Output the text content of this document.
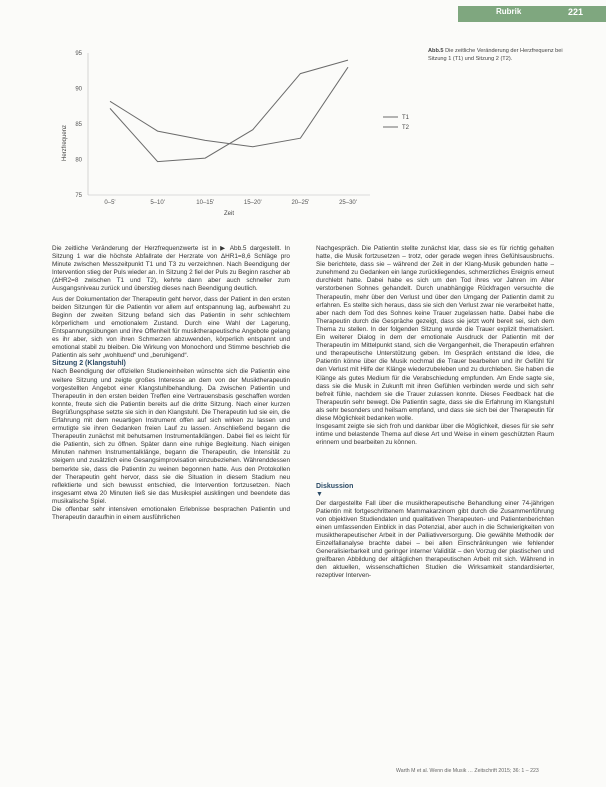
Rubrik	221
Herzfrequenz
75
80
85
90
95
0–5'	5–10'	10–15'	15–20'	20–25'	25–30'
Zeit
T1
T2
Abb.5 Die zeitliche Veränderung der Herzfrequenz bei Sitzung 1 (T1) und Sitzung 2 (T2).

Die zeitliche Veränderung der Herzfrequenzwerte ist in ▶ Abb.5 dargestellt. In Sitzung 1 war die höchste Abfallrate der Herzrate von ΔHR1=8,6 Schläge pro Minute zwischen Messzeitpunkt T1 und T3 zu verzeichnen. Nach Beendigung der Intervention stieg der Puls wieder an. In Sitzung 2 fiel der Puls zu Beginn rascher ab (ΔHR2=8 zwischen T1 und T2), kehrte dann aber auch schneller zum Ausgangsniveau zurück und überstieg dieses nach Beendigung deutlich.

Aus der Dokumentation der Therapeutin geht hervor, dass der Patient in den ersten beiden Sitzungen für die Patientin vor allem auf entspannung lag, aufbewahrt zu Beginn der zweiten Sitzung befand sich das Patientin in sehr schlechtem körperlichem und emotionalem Zustand. Durch eine Wahl der Lagerung, Entspannungsübungen und ihre Offenheit für musiktherapeutische Angebote gelang es ihr aber, sich von ihren Schmerzen abzuwenden, körperlich entspannt und emotional stabil zu bleiben. Die Wirkung von Monochord und Stimme beschrieb die Patientin als sehr „wohltuend“ und „beruhigend“.

Sitzung 2 (Klangstuhl)

Nach Beendigung der offiziellen Studieneinheiten wünschte sich die Patientin eine weitere Sitzung und zeigte großes Interesse an dem von der Musiktherapeutin vorgestellten Angebot einer Klangstuhlbehandlung. Da zwischen Patientin und Therapeutin in den ersten beiden Treffen eine Vertrauensbasis geschaffen worden konnte, freute sich die Patientin bereits auf die dritte Sitzung. Nach einer kurzen Begrüßungsphase setzte sie sich in den Klangstuhl. Die Therapeutin lud sie ein, die Erfahrung mit dem neuartigen Instrument offen auf sich wirken zu lassen und ermutigte sie ihren Gedanken freien Lauf zu lassen. Anschließend begann die Therapeutin zunächst mit behutsamen Instrumentalklängen. Dabei fiel es leicht für die Patientin, sich zu öffnen. Später dann eine ruhige Begleitung. Nach einigen Minuten nahmen Instrumentalklänge, begann die Therapeutin, die Intensität zu steigern und zusätzlich eine Gesangsimprovisation einzubeziehen. Währenddessen bemerkte sie, dass die Patientin zu weinen begonnen hatte. Aus den Protokollen der Therapeutin geht hervor, dass sie die Situation in diesem Stadium neu reflektierte und sich bewusst entschied, die Intervention fortzusetzen. Nach insgesamt etwa 20 Minuten ließ sie das Musikspiel ausklingen und beendete das musikalische Spiel.

Die offenbar sehr intensiven emotionalen Erlebnisse besprachen Patientin und Therapeutin daraufhin in einem ausführlichen

Nachgespräch. Die Patientin stellte zunächst klar, dass sie es für richtig gehalten hatte, die Musik fortzusetzen – trotz, oder gerade wegen ihres Gefühlsausbruchs. Sie berichtete, dass sie – während der Zeit in der Klang-Musik gebunden hatte – zunehmend zu Gedanken ein lange zurückliegendes, schmerzliches Ereignis erneut durchlebt hatte. Dabei habe es sich um den Tod ihres vor Jahren im Alter verstorbenen Sohnes gehandelt. Durch unabhängige Rückfragen versuchte die Therapeutin, mehr über den Verlust und über den Umgang der Patientin damit zu erfahren. Es stellte sich heraus, dass sie sich den Verlust zwar nie verarbeitet hatte, aber nach dem Tod des Sohnes keine Trauer zugelassen hatte. Dabei habe die Therapeutin durch die Gespräche gezeigt, dass sie jetzt wohl bereit sei, sich dem Thema zu stellen. In der folgenden Sitzung wurde die Trauer explizit thematisiert. Ein weiterer Dialog in dem der emotionale Ausdruck der Patientin mit der Therapeutin im Mittelpunkt stand, sich die Vergangenheit, die Therapeutin erfahren und therapeutische Unterstützung geben. Im Gespräch entstand die Idee, die Patientin könne über die Musik nochmal die Trauer bearbeiten und ihr Gefühl für den Verlust mit Hilfe der Klänge wiederzubeleben und zu durchleben. Sie haben die Klänge als gutes Medium für die Verabschiedung empfunden. Am Ende sagte sie, dass sie die Musik in Zukunft mit ihren Gefühlen verbinden werde und sich sehr befreit fühle, nachdem sie die Trauer zulassen konnte. Dieses Feedback hat die Therapeutin sehr bewegt. Die Patientin sagte, dass sie die Erfahrung im Klangstuhl als sehr besonders und heilsam empfand, und dass sie sich bei der Therapeutin für diese Möglichkeit bedanken wolle.

Insgesamt zeigte sie sich froh und dankbar über die Möglichkeit, dieses für sie sehr intime und belastende Thema auf diese Art und Weise in einem geschützten Raum erinnern und bearbeiten zu können.

Diskussion

▼

Der dargestellte Fall über die musiktherapeutische Behandlung einer 74-jährigen Patientin mit fortgeschrittenem Mammakarzinom gibt durch die Zusammenführung von objektiven Studiendaten und qualitativen Therapeuten- und Patientenberichten einen umfassenden Einblick in das Potenzial, aber auch in die Schwierigkeiten von musiktherapeutischer Arbeit in der Palliativversorgung. Die gewählte Methodik der Einzelfallanalyse brachte dabei – bei allen Einschränkungen wie fehlender Generalisierbarkeit und geringer interner Validität – den Vorzug der plastischen und greifbaren Abbildung der alltäglichen therapeutischen Arbeit mit sich. Während in den aktuellen, wissenschaftlichen Studien die Wirksamkeit standardisierter, rezeptiver Interven-

Warth M et al. Wenn die Musik … Zeitschrift 2015; 36: 1 – 223
